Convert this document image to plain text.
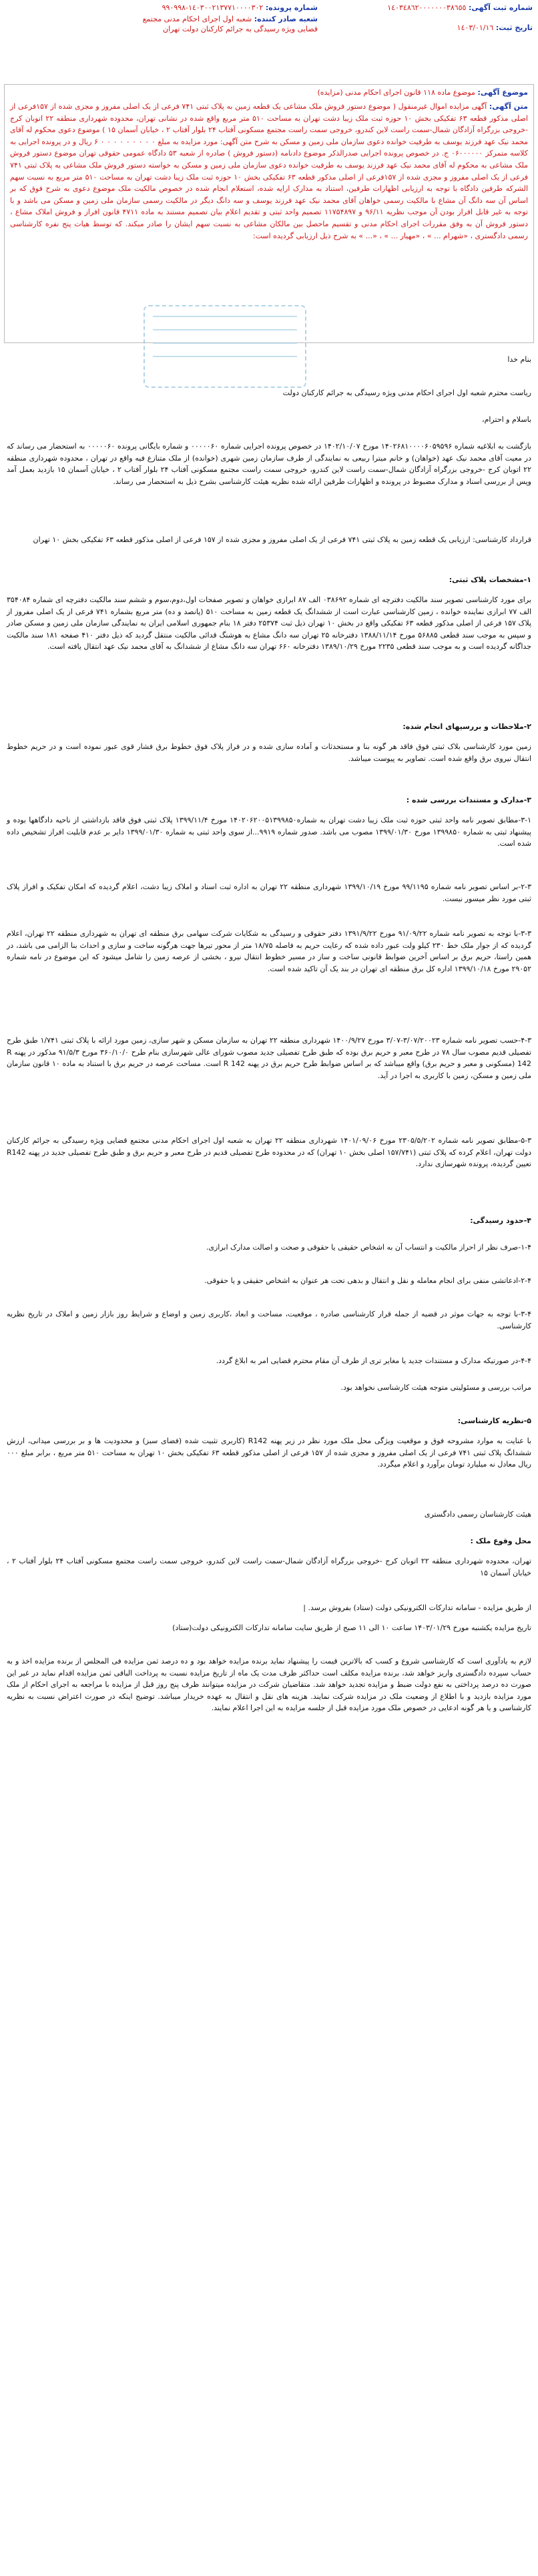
شماره ثبت آگهی: ١٤٠٣٤٨٦٢٠٠٠٠٠٠٠٣٨٦٥٥
تاریخ ثبت: ١٤٠٣/٠١/١٦
شماره پرونده: ١٤٠٣٠٠٢١٣٧٧١٠٠٠٠٣٠٢-٩٩٠٩٩٨
شعبه صادر کننده: شعبه اول اجرای احکام مدنی مجتمع قضایی ویژه رسیدگی به جرائم کارکنان دولت تهران
موضوع آگهی: موضوع ماده ۱۱۸ قانون اجرای احکام مدنی (مزایده)
متن آگهی: آگهی مزایده اموال غیرمنقول ( موضوع دستور فروش ملک مشاعی یک قطعه زمین به پلاک ثبتی ۷۴۱ فرعی از یک اصلی مفروز و مجزی شده از ۱۵۷فرعی از اصلی مذکور قطعه ۶۳ تفکیکی بخش ۱۰ حوزه ثبت ملک زیبا دشت تهران به مساحت ۵۱۰ متر مربع واقع شده در نشانی تهران، محدوده شهرداری منطقه ۲۲ اتوبان کرج -خروجی بزرگراه آزادگان شمال-سمت راست لاین کندرو، خروجی سمت راست مجتمع مسکونی آفتاب ۲۴ بلوار آفتاب ۲ ، خیابان آسمان ۱۵ ) موضوع دعوی محکوم له آقای محمد نیک عهد فرزند یوسف به طرفیت خوانده دعوی سازمان ملی زمین و مسکن به شرح متن آگهی: مورد مزایده به مبلغ ۰ ۰ ۰ ۰ ۰ ۰ ۰ ۰ ۰ ۶ ریال و در پرونده اجرایی به کلاسه متمرکز ۰۶۰۰۰۰۰۰ ج. در خصوص پرونده اجرایی صدرالذکر موضوع دادنامه (دستور فروش ) صادره از شعبه ۵۳ دادگاه عمومی حقوقی تهران موضوع دستور فروش ملک مشاعی به محکوم له آقای محمد نیک عهد فرزند یوسف به طرفیت خوانده دعوی سازمان ملی زمین و مسکن به خواسته دستور فروش ملک مشاعی به پلاک ثبتی ۷۴۱ فرعی از یک اصلی مفروز و مجزی شده از ۱۵۷فرعی از اصلی مذکور قطعه ۶۳ تفکیکی بخش ۱۰ حوزه ثبت ملک زیبا دشت تهران به مساحت ۵۱۰ متر مربع به نسبت سهم الشرکه طرفین دادگاه با توجه به ارزیابی اظهارات طرفین، استناد به مدارک ارایه شده، استعلام انجام شده در خصوص مالکیت ملک موضوع دعوی به شرح فوق که بر اساس آن سه دانگ آن مشاع با مالکیت رسمی خواهان آقای محمد نیک عهد فرزند یوسف و سه دانگ دیگر در مالکیت رسمی سازمان ملی زمین و مسکن می باشد و با توجه به غیر قابل افراز بودن آن موجب نظریه ۹۶/۱۱ و ۱۱۷۵۴۸۹۷ تصمیم واحد ثبتی و تقدیم اعلام بیان تصمیم مستند به ماده ۴۷۱۱ قانون افراز و فروش املاک مشاع ، دستور فروش آن به وفق مقررات اجرای احکام مدنی و تقسیم ماحصل بین مالکان مشاعی به نسبت سهم ایشان را صادر میکند. که توسط هیات پنج نفره کارشناسی رسمی دادگستری ، «شهرام ... » ، «مهیار ... » ، «... » به شرح ذیل ارزیابی گردیده است:
بنام خدا
ریاست محترم شعبه اول اجرای احکام مدنی ویژه رسیدگی به جرائم کارکنان دولت
باسلام و احترام،
بازگشت به ابلاغیه شماره ۱۴۰۲۶۸۱۰۰۰۰۶۰۵۹۵۹۶ مورخ ۱۴۰۲/۱۰/۰۷ در خصوص پرونده اجرایی شماره ۰۰۰۰۰۶۰ و شماره بایگانی پرونده ۰۰۰۰۰۶۰ به استحضار می رساند که در معیت آقای محمد نیک عهد (خواهان) و خانم میترا ربیعی به نمایندگی از طرف سازمان زمین شهری (خوانده) از ملک متنازع فیه واقع در تهران ، محدوده شهرداری منطقه ۲۲ اتوبان کرج -خروجی بزرگراه آزادگان شمال-سمت راست لاین کندرو، خروجی سمت راست مجتمع مسکونی آفتاب ۲۴ بلوار آفتاب ۲ ، خیابان آسمان ۱۵ بازدید بعمل آمد وپس از بررسی اسناد و مدارک مضبوط در پرونده و اظهارات طرفین ارائه شده نظریه هیئت کارشناسی بشرح ذیل به استحضار می رساند.
قرارداد کارشناسی: ارزیابی یک قطعه زمین به پلاک ثبتی ۷۴۱ فرعی از یک اصلی مفروز و مجزی شده از ۱۵۷ فرعی از اصلی مذکور قطعه ۶۳ تفکیکی بخش ۱۰ تهران
۱-مشخصات پلاک ثبتی:
برای مورد کارشناسی تصویر سند مالکیت دفترچه ای شماره ۰۳۸۶۹۲ الف ۸۷ ابرازی خواهان و تصویر صفحات اول،دوم،سوم و ششم سند مالکیت دفترچه ای شماره ۳۵۴۰۸۴ الف ۷۷ ابرازی نماینده خوانده ، زمین کارشناسی عبارت است از ششدانگ یک قطعه زمین به مساحت ۵۱۰ (پانصد و ده) متر مربع بشماره ۷۴۱ فرعی از یک اصلی مفروز از پلاک ۱۵۷ فرعی از اصلی مذکور قطعه ۶۳ تفکیکی واقع در بخش ۱۰ تهران ذیل ثبت ۲۵۳۷۴ دفتر ۱۸ بنام جمهوری اسلامی ایران به نمایندگی سازمان ملی زمین و مسکن صادر و سپس به موجب سند قطعی ۵۶۸۸۵ مورخ ۱۳۸۸/۱۱/۱۴ دفترخانه ۲۵ تهران سه دانگ مشاع به هوشنگ قدائی مالکیت منتقل گردید که ذیل دفتر ۴۱۰ صفحه ۱۸۱ سند مالکیت جداگانه گردیده است و به موجب سند قطعی ۲۲۳۵ مورخ ۱۳۸۹/۱۰/۲۹ دفترخانه ۶۶۰ تهران سه دانگ مشاع از ششدانگ به آقای محمد نیک عهد انتقال یافته است.
۲-ملاحظات و بررسیهای انجام شده:
زمین مورد کارشناسی بلاک ثبتی فوق فاقد هر گونه بنا و مستحدثات و آماده سازی شده و در فراز پلاک فوق خطوط برق فشار قوی عبور نموده است و در حریم خطوط انتقال نیروی برق واقع شده است. تصاویر به پیوست میباشد.
۳-مدارک و مستندات بررسی شده :
۳-۱-مطابق تصویر نامه واحد ثبتی حوزه ثبت ملک زیبا دشت تهران به شماره۱۴۰۲۰۶۲۰۰۵۱۳۹۹۸۵۰ مورخ ۱۳۹۹/۱۱/۴ پلاک ثبتی فوق فاقد بازداشتی از ناحیه دادگاهها بوده و پیشنهاد ثبتی به شماره ۱۳۹۹۸۵۰ مورخ ۱۳۹۹/۰۱/۳۰ مصوب می باشد. صدور شماره ۹۹۱۹...از سوی واحد ثبتی به شماره ۱۳۹۹/۰۱/۳۰ دایر بر عدم قابلیت افراز تشخیص داده شده است.
۲-۳-بر اساس تصویر نامه شماره ۹۹/۱۱۹۵ مورخ ۱۳۹۹/۱۰/۱۹ شهرداری منطقه ۲۲ تهران به اداره ثبت اسناد و املاک زیبا دشت، اعلام گردیده که امکان تفکیک و افراز پلاک ثبتی مورد نظر میسور نیست.
۳-۳-با توجه به تصویر نامه شماره ۹۱/۰۹/۲۲ مورخ ۱۳۹۱/۹/۲۲ دفتر حقوقی و رسیدگی به شکایات شرکت سهامی برق منطقه ای تهران به شهرداری منطقه ۲۲ تهران، اعلام گردیده که از جوار ملک خط ۲۳۰ کیلو ولت عبور داده شده که رعایت حریم به فاصله ۱۸/۷۵ متر از محور تیرها جهت هرگونه ساخت و سازی و احداث بنا الزامی می باشد، در همین راستا، حریم برق بر اساس آخرین ضوابط قانونی ساخت و ساز در مسیر خطوط انتقال نیرو ، بخشی از عرصه زمین را شامل میشود که این موضوع در نامه شماره ۲۹۰۵۲ مورخ ۱۳۹۹/۱۰/۱۸ اداره کل برق منطقه ای تهران در بند یک آن تاکید شده است.
۴-۳-حسب تصویر نامه شماره ۳/۰۷/۲۰۰۲۳-۳/۰۷ مورخ ۱۴۰۰/۹/۲۷ شهرداری منطقه ۲۲ تهران به سازمان مسکن و شهر سازی، زمین مورد ارائه با پلاک ثبتی ۱/۷۴۱ طبق طرح تفصیلی قدیم مصوب سال ۷۸ در طرح معبر و حریم برق بوده که طبق طرح تفصیلی جدید مصوب شورای عالی شهرسازی بنام طرح ۳۶۰/۱۰/۰ مورخ ۹۱/۵/۳ مذکور در پهنه R 142 (مسکونی و معبر و حریم برق) واقع میباشد که بر اساس ضوابط طرح حریم برق در پهنه R 142 است. مساحت عرصه در حریم برق با استناد به ماده ۱۰ قانون سازمان ملی زمین و مسکن، زمین با کاربری به اجرا در آید.
۵-۳-مطابق تصویر نامه شماره ۲۳۰۵/۵/۲۰۲ مورخ ۱۴۰۱/۰۹/۰۶ شهرداری منطقه ۲۲ تهران به شعبه اول اجرای احکام مدنی مجتمع قضایی ویژه رسیدگی به جرائم کارکنان دولت تهران، اعلام کرده که پلاک ثبتی (۱۵۷/۷۴۱ اصلی بخش ۱۰ تهران) که در محدوده طرح تفصیلی قدیم در طرح معبر و حریم برق و طبق طرح تفصیلی جدید در پهنه R142 تعیین گردیده، پرونده شهرسازی ندارد.
۴-حدود رسیدگی:
۱-۴-صرف نظر از احراز مالکیت و انتساب آن به اشخاص حقیقی یا حقوقی و صحت و اصالت مدارک ابرازی.
۲-۴-ادعاتشی منفی برای انجام معامله و نقل و انتقال و بدهی تحت هر عنوان به اشخاص حقیقی و یا حقوقی.
۳-۴-با توجه به جهات موثر در قضیه از جمله قرار کارشناسی صادره ، موقعیت، مساحت و ابعاد ،کاربری زمین و اوضاع و شرایط روز بازار زمین و املاک در تاریخ نظریه کارشناسی.
۴-۴-در صورتیکه مدارک و مستندات جدید یا مغایر تری از طرف آن مقام محترم قضایی امر به ابلاغ گردد.
مراتب بررسی و مسئولیتی متوجه هیئت کارشناسی نخواهد بود.
۵-نظریه کارشناسی:
با عنایت به موارد مشروحه فوق و موقعیت ویژگی محل ملک مورد نظر در زیر پهنه R142 (کاربری تثبیت شده (فضای سبز) و محدودیت ها و بر بررسی میدانی، ارزش ششدانگ پلاک ثبتی ۷۴۱ فرعی از یک اصلی مفروز و مجزی شده از ۱۵۷ فرعی از اصلی مذکور قطعه ۶۳ تفکیکی بخش ۱۰ تهران به مساحت ۵۱۰ متر مربع ، برابر مبلغ ۰۰۰ ریال معادل نه میلیارد تومان برآورد و اعلام میگردد.
هیئت کارشناسان رسمی دادگستری
محل وقوع ملک :
تهران، محدوده شهرداری منطقه ۲۲ اتوبان کرج -خروجی بزرگراه آزادگان شمال-سمت راست لاین کندرو، خروجی سمت راست مجتمع مسکونی آفتاب ۲۴ بلوار آفتاب ۲ ، خیابان آسمان ۱۵
از طریق مزایده - سامانه تدارکات الکترونیکی دولت (ستاد) بفروش برسد. |
تاریخ مزایده یکشنبه مورخ ۱۴۰۳/۰۱/۲۹ ساعت ۱۰ الی ۱۱ صبح از طریق سایت سامانه تدارکات الکترونیکی دولت(ستاد)
لازم به یادآوری است که کارشناسی شروع و کسب که بالاترین قیمت را پیشنهاد نماید برنده مزایده خواهد بود و ده درصد ثمن مزایده فی المجلس از برنده مزایده اخذ و به حساب سپرده دادگستری واریز خواهد شد، برنده مزایده مکلف است حداکثر ظرف مدت یک ماه از تاریخ مزایده نسبت به پرداخت الباقی ثمن مزایده اقدام نماید در غیر این صورت ده درصد پرداختی به نفع دولت ضبط و مزایده تجدید خواهد شد. متقاضیان شرکت در مزایده میتوانند ظرف پنج روز قبل از مزایده با مراجعه به اجرای احکام از ملک مورد مزایده بازدید و با اطلاع از وضعیت ملک در مزایده شرکت نمایند. هزینه های نقل و انتقال به عهده خریدار میباشد. توضیح اینکه در صورت اعتراض نسبت به نظریه کارشناسی و یا هر گونه ادعایی در خصوص ملک مورد مزایده قبل از جلسه مزایده به این اجرا اعلام نمایند.
